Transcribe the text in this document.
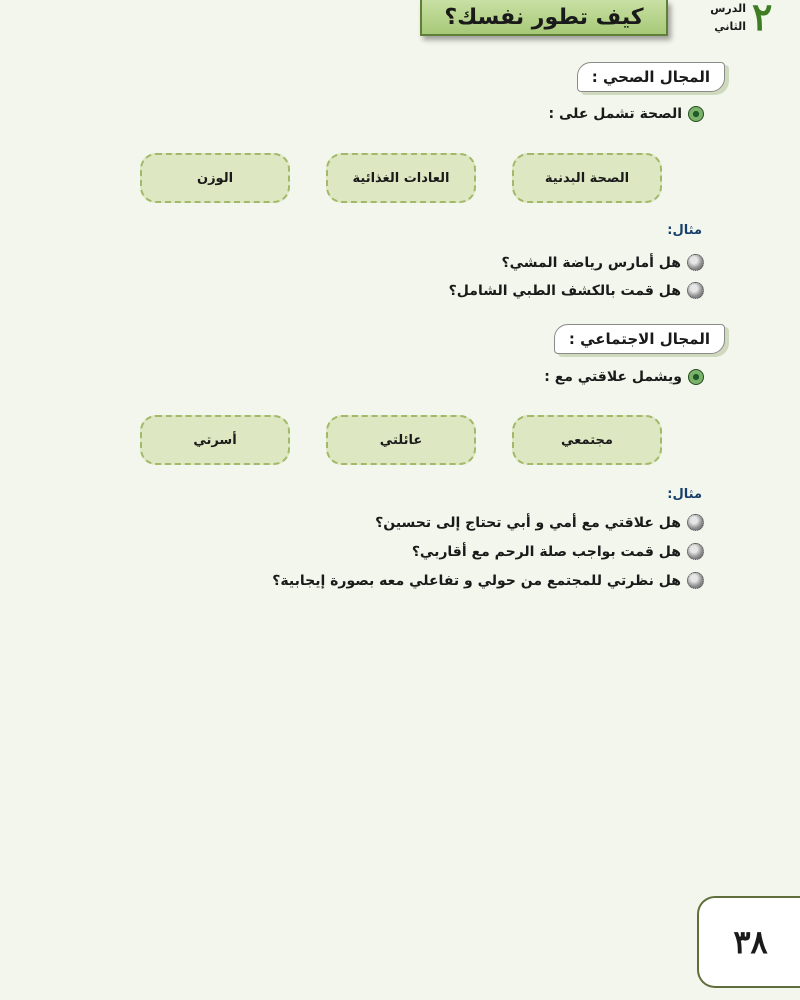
كيف تطور نفسك؟	٢
الدرس
الثاني
المجال الصحي :
الصحة تشمل على :
الصحة البدنية
العادات الغذائية
الوزن
مثال:
هل أمارس رياضة المشي؟
هل قمت بالكشف الطبي الشامل؟
المجال الاجتماعي :
ويشمل علاقتي مع :
مجتمعي
عائلتي
أسرتي
مثال:
هل علاقتي مع أمي و أبي تحتاج إلى تحسين؟
هل قمت بواجب صلة الرحم مع أقاربي؟
هل نظرتي للمجتمع من حولي و تفاعلي معه بصورة إيجابية؟
٣٨
